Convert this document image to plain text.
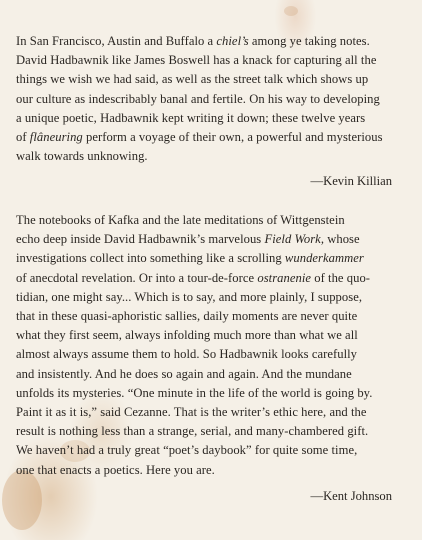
In San Francisco, Austin and Buffalo a chiel’s among ye taking notes.
David Hadbawnik like James Boswell has a knack for capturing all the
things we wish we had said, as well as the street talk which shows up
our culture as indescribably banal and fertile. On his way to developing
a unique poetic, Hadbawnik kept writing it down; these twelve years
of flâneuring perform a voyage of their own, a powerful and mysterious
walk towards unknowing.
—Kevin Killian
The notebooks of Kafka and the late meditations of Wittgenstein
echo deep inside David Hadbawnik’s marvelous Field Work, whose
investigations collect into something like a scrolling wunderkammer
of anecdotal revelation. Or into a tour-de-force ostranenie of the quo-
tidian, one might say... Which is to say, and more plainly, I suppose,
that in these quasi-aphoristic sallies, daily moments are never quite
what they first seem, always infolding much more than what we all
almost always assume them to hold. So Hadbawnik looks carefully
and insistently. And he does so again and again. And the mundane
unfolds its mysteries. “One minute in the life of the world is going by.
Paint it as it is,” said Cezanne. That is the writer’s ethic here, and the
result is nothing less than a strange, serial, and many-chambered gift.
We haven’t had a truly great “poet’s daybook” for quite some time,
one that enacts a poetics. Here you are.
—Kent Johnson
